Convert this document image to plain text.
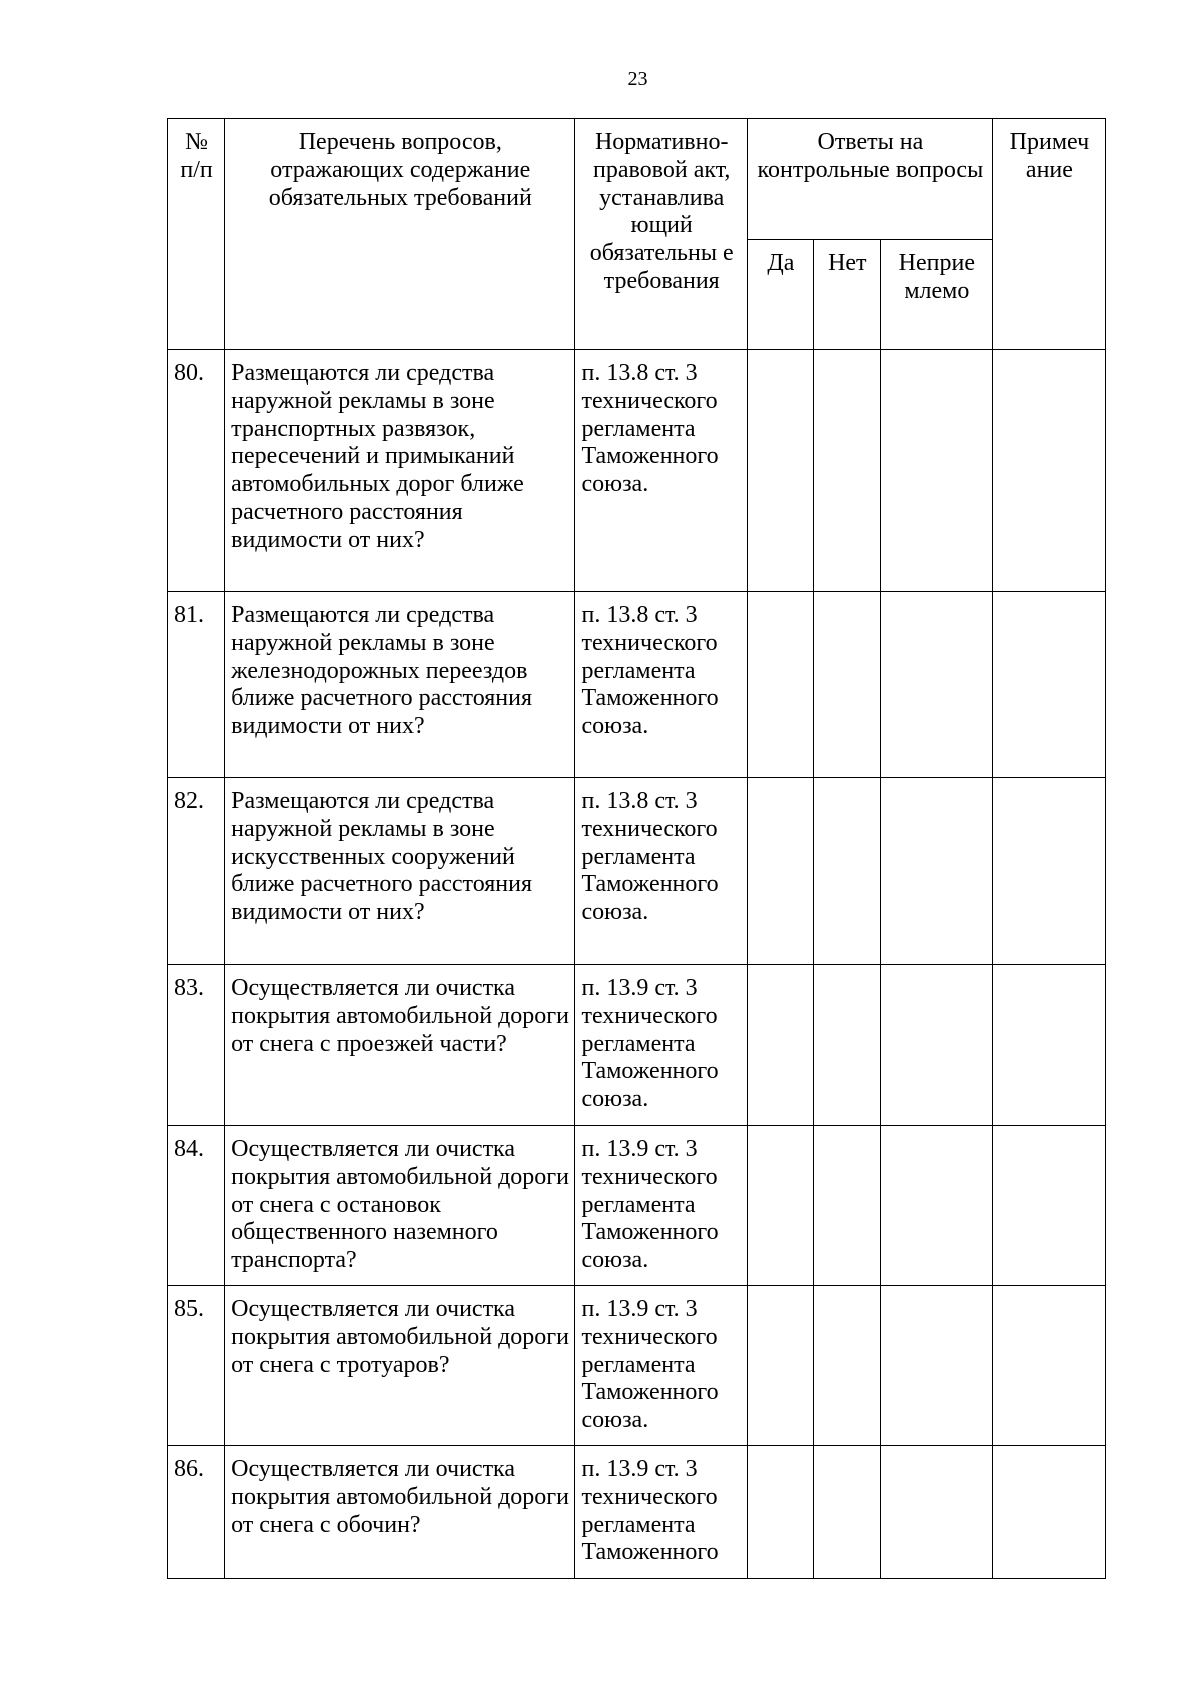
23
№ п/п	Перечень вопросов, отражающих содержание обязательных требований	Нормативно-правовой акт, устанавлива ющий обязательны е требования	Ответы на контрольные вопросы			Примеч ание
			Да	Нет	Неприе млемо	
80.	Размещаются ли средства наружной рекламы в зоне транспортных развязок, пересечений и примыканий автомобильных дорог ближе расчетного расстояния видимости от них?	п. 13.8 ст. 3 технического регламента Таможенного союза.				
81.	Размещаются ли средства наружной рекламы в зоне железнодорожных переездов ближе расчетного расстояния видимости от них?	п. 13.8 ст. 3 технического регламента Таможенного союза.				
82.	Размещаются ли средства наружной рекламы в зоне искусственных сооружений ближе расчетного расстояния видимости от них?	п. 13.8 ст. 3 технического регламента Таможенного союза.				
83.	Осуществляется ли очистка покрытия автомобильной дороги от снега с проезжей части?	п. 13.9 ст. 3 технического регламента Таможенного союза.				
84.	Осуществляется ли очистка покрытия автомобильной дороги от снега с остановок общественного наземного транспорта?	п. 13.9 ст. 3 технического регламента Таможенного союза.				
85.	Осуществляется ли очистка покрытия автомобильной дороги от снега с тротуаров?	п. 13.9 ст. 3 технического регламента Таможенного союза.				
86.	Осуществляется ли очистка покрытия автомобильной дороги от снега с обочин?	п. 13.9 ст. 3 технического регламента Таможенного				
